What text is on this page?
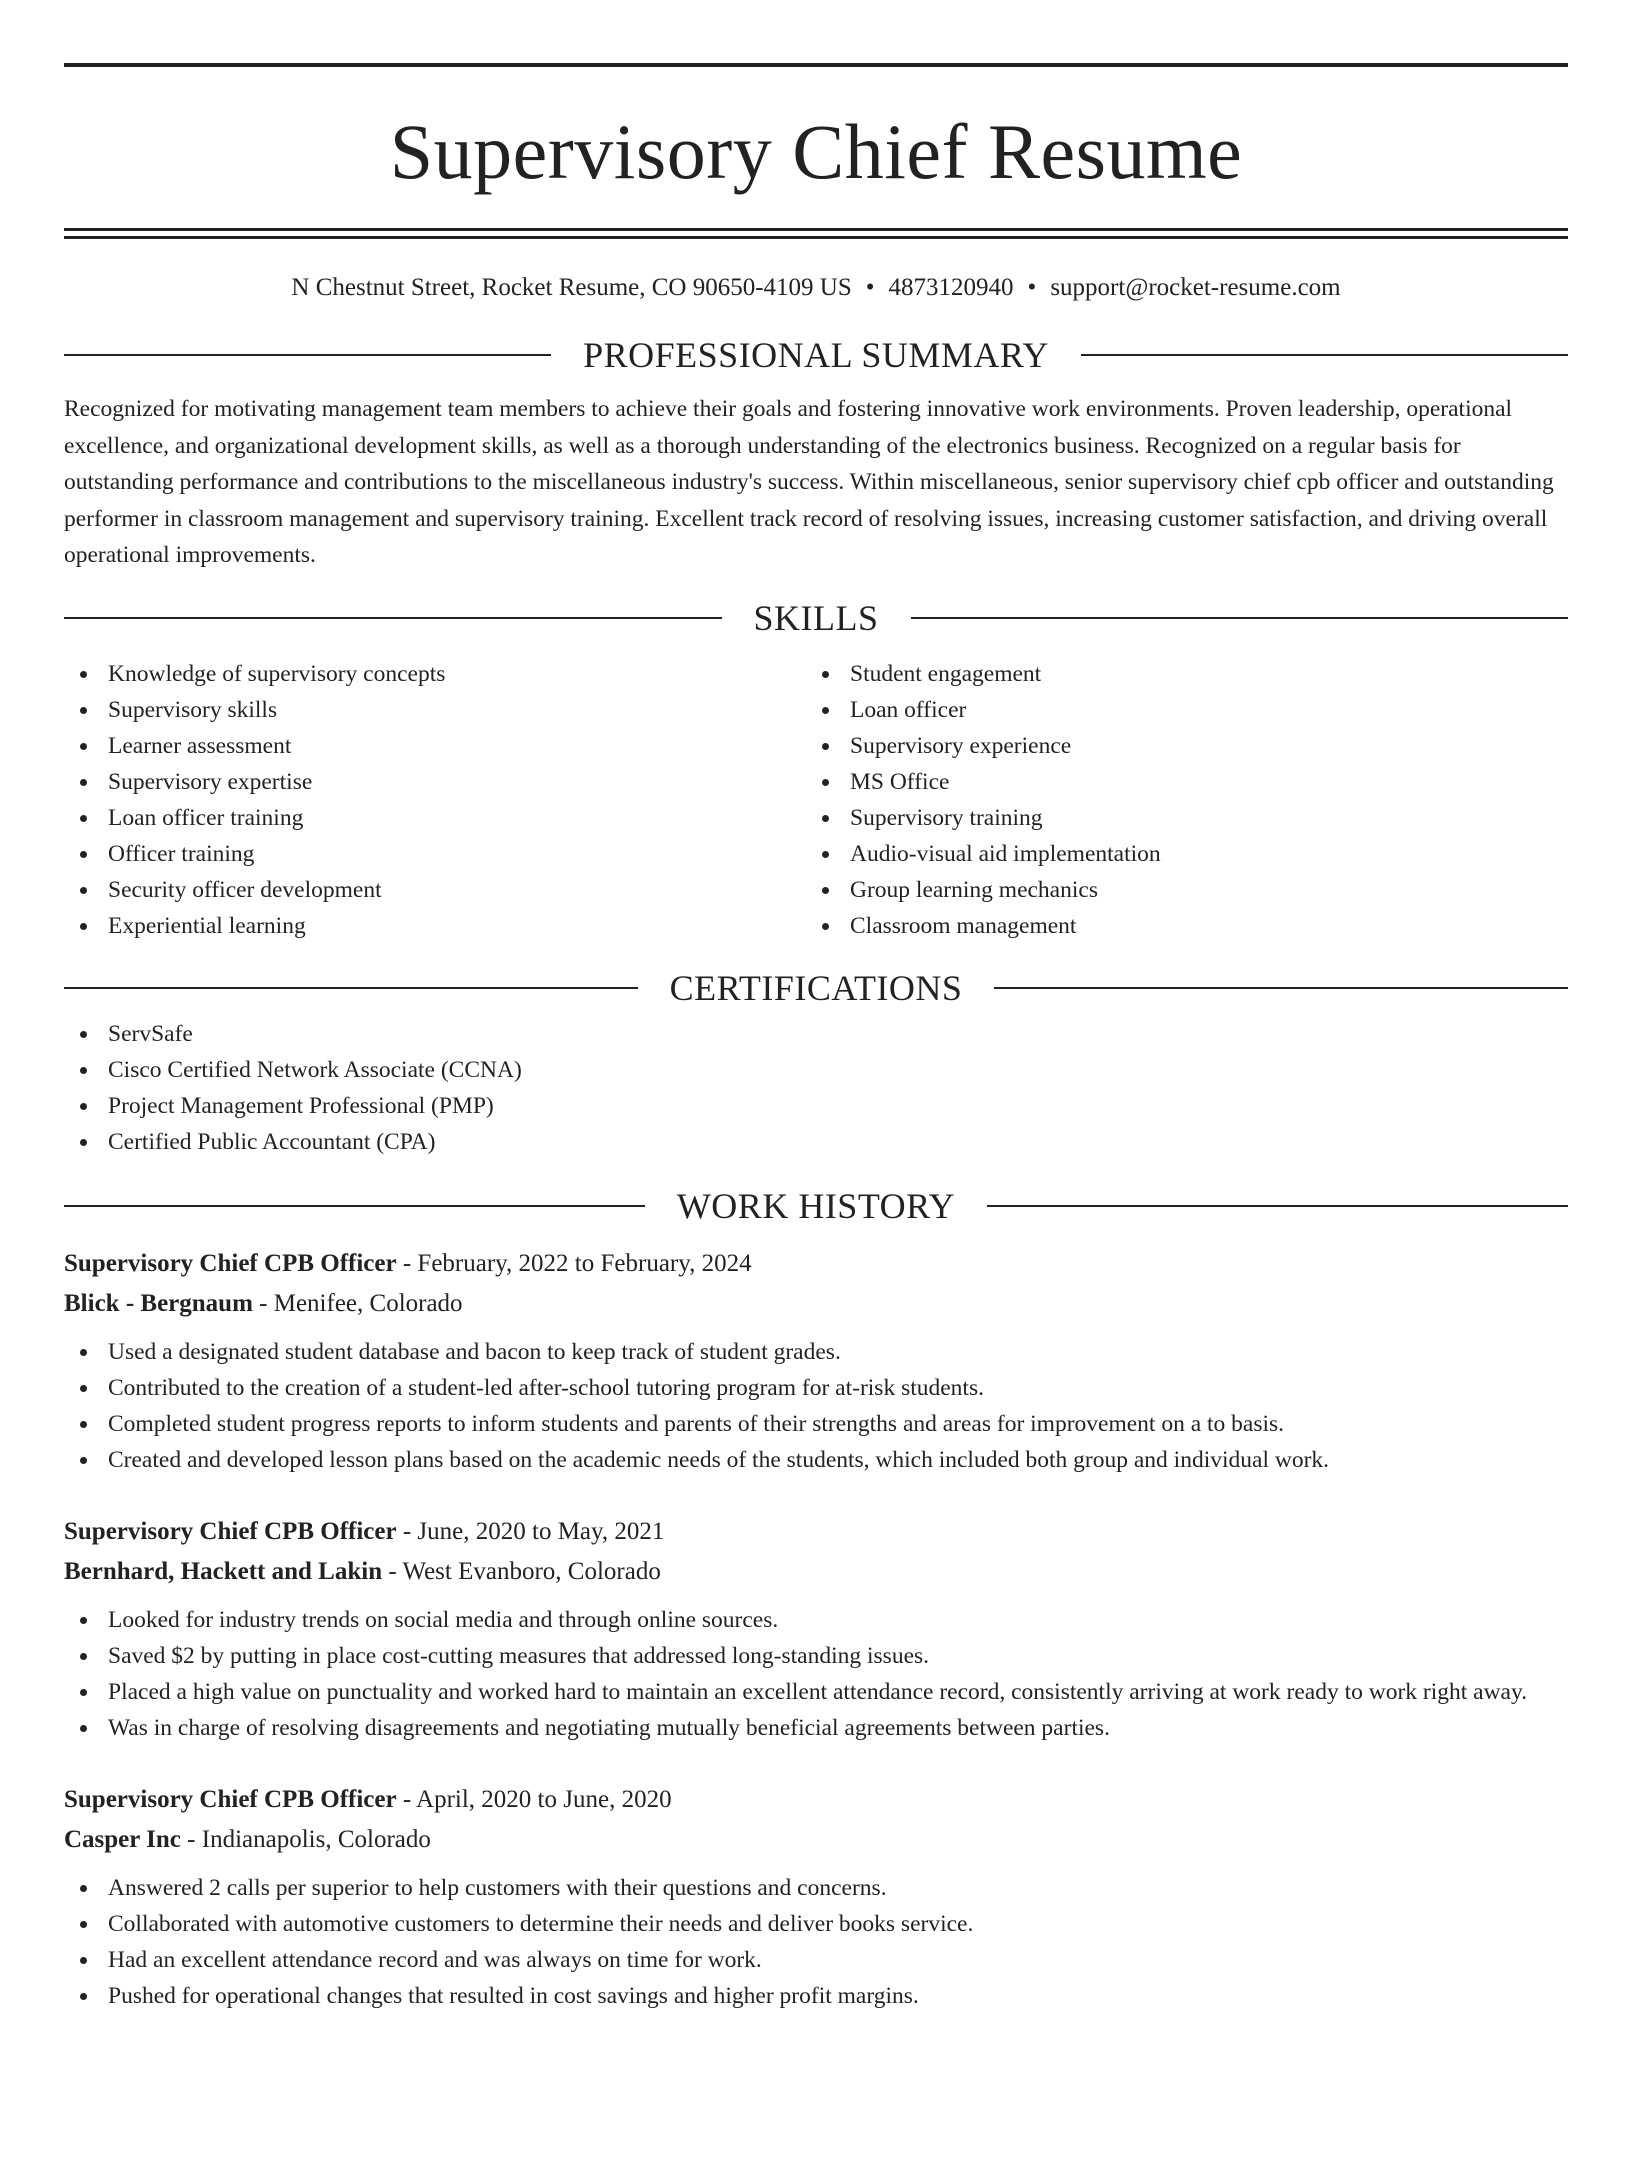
Supervisory Chief Resume
N Chestnut Street, Rocket Resume, CO 90650-4109 US • 4873120940 • support@rocket-resume.com
PROFESSIONAL SUMMARY

Recognized for motivating management team members to achieve their goals and fostering innovative work environments. Proven leadership, operational excellence, and organizational development skills, as well as a thorough understanding of the electronics business. Recognized on a regular basis for outstanding performance and contributions to the miscellaneous industry's success. Within miscellaneous, senior supervisory chief cpb officer and outstanding performer in classroom management and supervisory training. Excellent track record of resolving issues, increasing customer satisfaction, and driving overall operational improvements.

SKILLS
Knowledge of supervisory concepts
Supervisory skills
Learner assessment
Supervisory expertise
Loan officer training
Officer training
Security officer development
Experiential learning
Student engagement
Loan officer
Supervisory experience
MS Office
Supervisory training
Audio-visual aid implementation
Group learning mechanics
Classroom management
CERTIFICATIONS
ServSafe
Cisco Certified Network Associate (CCNA)
Project Management Professional (PMP)
Certified Public Accountant (CPA)
WORK HISTORY
Supervisory Chief CPB Officer - February, 2022 to February, 2024
Blick - Bergnaum - Menifee, Colorado
Used a designated student database and bacon to keep track of student grades.
Contributed to the creation of a student-led after-school tutoring program for at-risk students.
Completed student progress reports to inform students and parents of their strengths and areas for improvement on a to basis.
Created and developed lesson plans based on the academic needs of the students, which included both group and individual work.
Supervisory Chief CPB Officer - June, 2020 to May, 2021
Bernhard, Hackett and Lakin - West Evanboro, Colorado
Looked for industry trends on social media and through online sources.
Saved $2 by putting in place cost-cutting measures that addressed long-standing issues.
Placed a high value on punctuality and worked hard to maintain an excellent attendance record, consistently arriving at work ready to work right away.
Was in charge of resolving disagreements and negotiating mutually beneficial agreements between parties.
Supervisory Chief CPB Officer - April, 2020 to June, 2020
Casper Inc - Indianapolis, Colorado
Answered 2 calls per superior to help customers with their questions and concerns.
Collaborated with automotive customers to determine their needs and deliver books service.
Had an excellent attendance record and was always on time for work.
Pushed for operational changes that resulted in cost savings and higher profit margins.
